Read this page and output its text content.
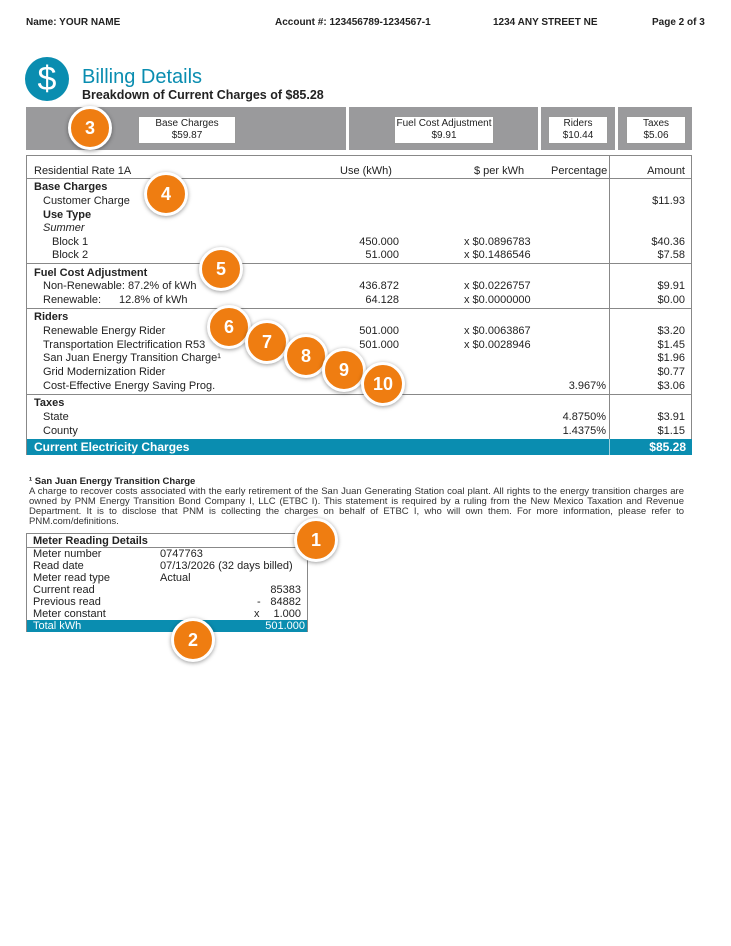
Name: YOUR NAME	Account #: 123456789-1234567-1	1234 ANY STREET NE	Page 2 of 3
$	Billing Details
Breakdown of Current Charges of $85.28
Base Charges
$59.87
Fuel Cost Adjustment
$9.91
Riders
$10.44
Taxes
$5.06
Residential Rate 1A	Use (kWh)	$ per kWh Percentage	Amount
Base Charges
Customer Charge	$11.93
Use Type
Summer
Block 1	450.000	x $0.0896783	$40.36
Block 2	51.000	x $0.1486546	$7.58
Fuel Cost Adjustment
Non-Renewable: 87.2% of kWh	436.872	x $0.0226757	$9.91
Renewable: 12.8% of kWh	64.128	x $0.0000000	$0.00
Riders
Renewable Energy Rider	501.000	x $0.0063867	$3.20
Transportation Electrification R53	501.000	x $0.0028946	$1.45
San Juan Energy Transition Charge¹	$1.96
Grid Modernization Rider	$0.77
Cost-Effective Energy Saving Prog.	3.967%	$3.06
Taxes
State	4.8750%	$3.91
County	1.4375%	$1.15
Current Electricity Charges	$85.28
¹ San Juan Energy Transition Charge
A charge to recover costs associated with the early retirement of the San Juan Generating Station coal plant. All rights to the energy transition charges are owned by PNM Energy Transition Bond Company I, LLC (ETBC I). This statement is required by a ruling from the New Mexico Taxation and Revenue Department. It is to disclose that PNM is collecting the charges on behalf of ETBC I, who will own them. For more information, please refer to PNM.com/definitions.
Meter Reading Details
Meter number	0747763
Read date	07/13/2026 (32 days billed)
Meter read type	Actual
Current read	85383
Previous read	- 84882
Meter constant	x 1.000
Total kWh	501.000
1
2
3
4
5
6
7
8
9
10
